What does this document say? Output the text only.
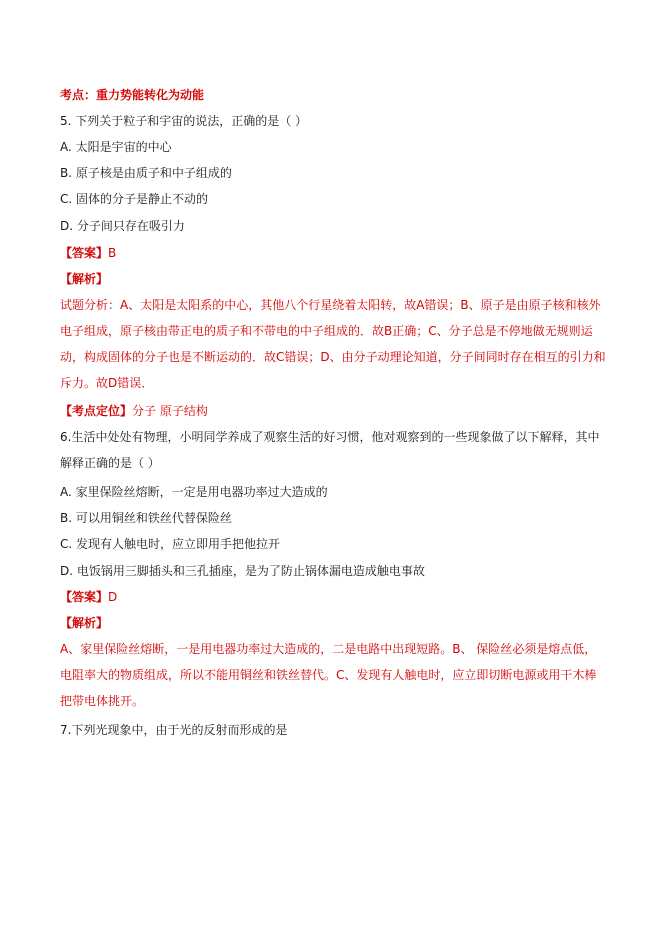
考点：重力势能转化为动能
5. 下列关于粒子和宇宙的说法，正确的是（ ）
A. 太阳是宇宙的中心
B. 原子核是由质子和中子组成的
C. 固体的分子是静止不动的
D. 分子间只存在吸引力
【答案】B
【解析】
试题分析：A、太阳是太阳系的中心，其他八个行星绕着太阳转，故A错误；B、原子是由原子核和核外电子组成，原子核由带正电的质子和不带电的中子组成的．故B正确；C、分子总是不停地做无规则运动，构成固体的分子也是不断运动的．故C错误；D、由分子动理论知道，分子间同时存在相互的引力和斥力。故D错误．
【考点定位】分子 原子结构
6.生活中处处有物理，小明同学养成了观察生活的好习惯，他对观察到的一些现象做了以下解释，其中解释正确的是（ ）
A. 家里保险丝熔断，一定是用电器功率过大造成的
B. 可以用铜丝和铁丝代替保险丝
C. 发现有人触电时，应立即用手把他拉开
D. 电饭锅用三脚插头和三孔插座，是为了防止锅体漏电造成触电事故
【答案】D
【解析】
A、家里保险丝熔断，一是用电器功率过大造成的，二是电路中出现短路。B、 保险丝必须是熔点低，电阻率大的物质组成，所以不能用铜丝和铁丝替代。C、发现有人触电时，应立即切断电源或用干木棒把带电体挑开。
7.下列光现象中，由于光的反射而形成的是
